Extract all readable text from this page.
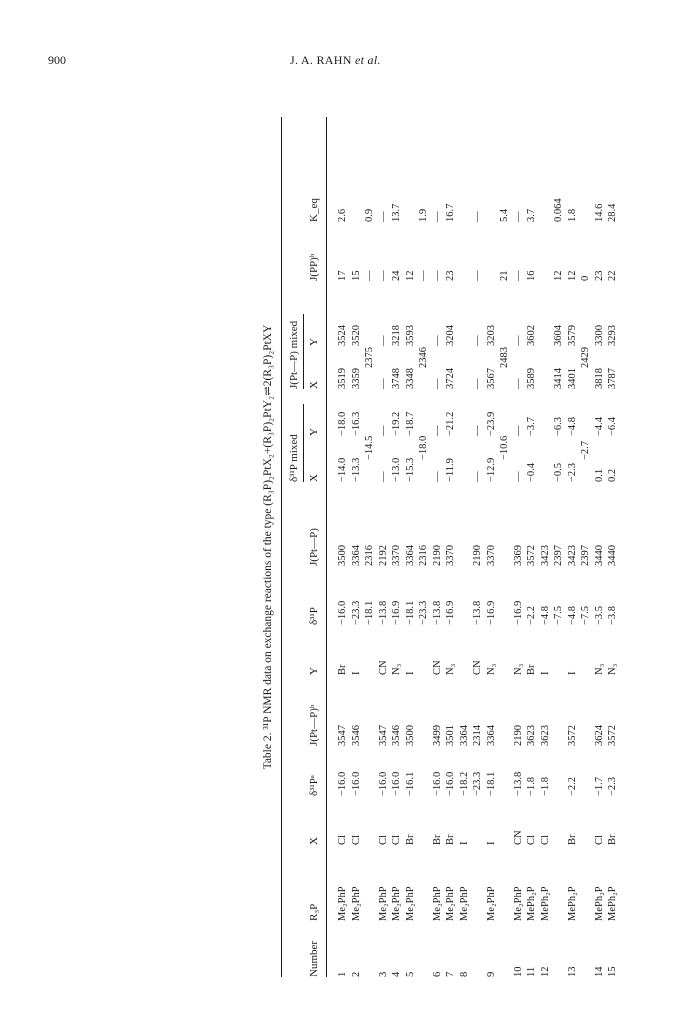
900	J. A. RAHN et al.
Table 2. ³¹P NMR data on exchange reactions of the type (R₃P)₂PtX₂+(R₃P)₂PtY₂⇌2(R₃P)₂PtXY δ³¹P mixed
J(Pt—P) mixed
Number
R₃P
X
δ³¹Pᵃ
J(Pt—P)ᵇ
Y
δ³¹P
J(Pt—P)
X
Y
X
Y
J(PP)ᵇ
K_eq
1
Me₂PhP
Cl
−16.0
3547
Br
−16.0
3500
−14.0
−18.0
3519
3524
17
2.6
2
Me₂PhP
Cl
−16.0
3546
I
−23.3
3364
−13.3
−16.3
3359
3520
15
−18.1
2316
−14.5
2375
—
0.9
3
Me₂PhP
Cl
−16.0
3547
CN
−13.8
2192
—
—
—
—
—
—
4
Me₂PhP
Cl
−16.0
3546
N₃
−16.9
3370
−13.0
−19.2
3748
3218
24
13.7
5
Me₂PhP
Br
−16.1
3500
I
−18.1
3364
−15.3
−18.7
3348
3593
12
−23.3
2316
−18.0
2346
—
1.9
6
Me₂PhP
Br
−16.0
3499
CN
−13.8
2190
—
—
—
—
—
—
7
Me₂PhP
Br
−16.0
3501
N₃
−16.9
3370
−11.9
−21.2
3724
3204
23
16.7
8
Me₂PhP
I
−18.2
3364
−23.3
2314
CN
−13.8
2190
—
—
—
—
—
—
9
Me₂PhP
I
−18.1
3364
N₃
−16.9
3370
−12.9
−23.9
3567
3203
−10.6
2483
21
5.4
10
Me₂PhP
CN
−13.8
2190
N₃
−16.9
3369
—
—
—
—
—
—
11
MePh₂P
Cl
−1.8
3623
Br
−2.2
3572
−0.4
−3.7
3589
3602
16
3.7
12
MePh₂P
Cl
−1.8
3623
I
−4.8
3423
−7.5
2397
−0.5
−6.3
3414
3604
12
0.064
13
MePh₂P
Br
−2.2
3572
I
−4.8
3423
−2.3
−4.8
3401
3579
12
1.8
−7.5
2397
−2.7
2429
0
14
MePh₂P
Cl
−1.7
3624
N₃
−3.5
3440
0.1
−4.4
3818
3300
23
14.6
15
MePh₂P
Br
−2.3
3572
N₃
−3.8
3440
0.2
−6.4
3787
3293
22
28.4
